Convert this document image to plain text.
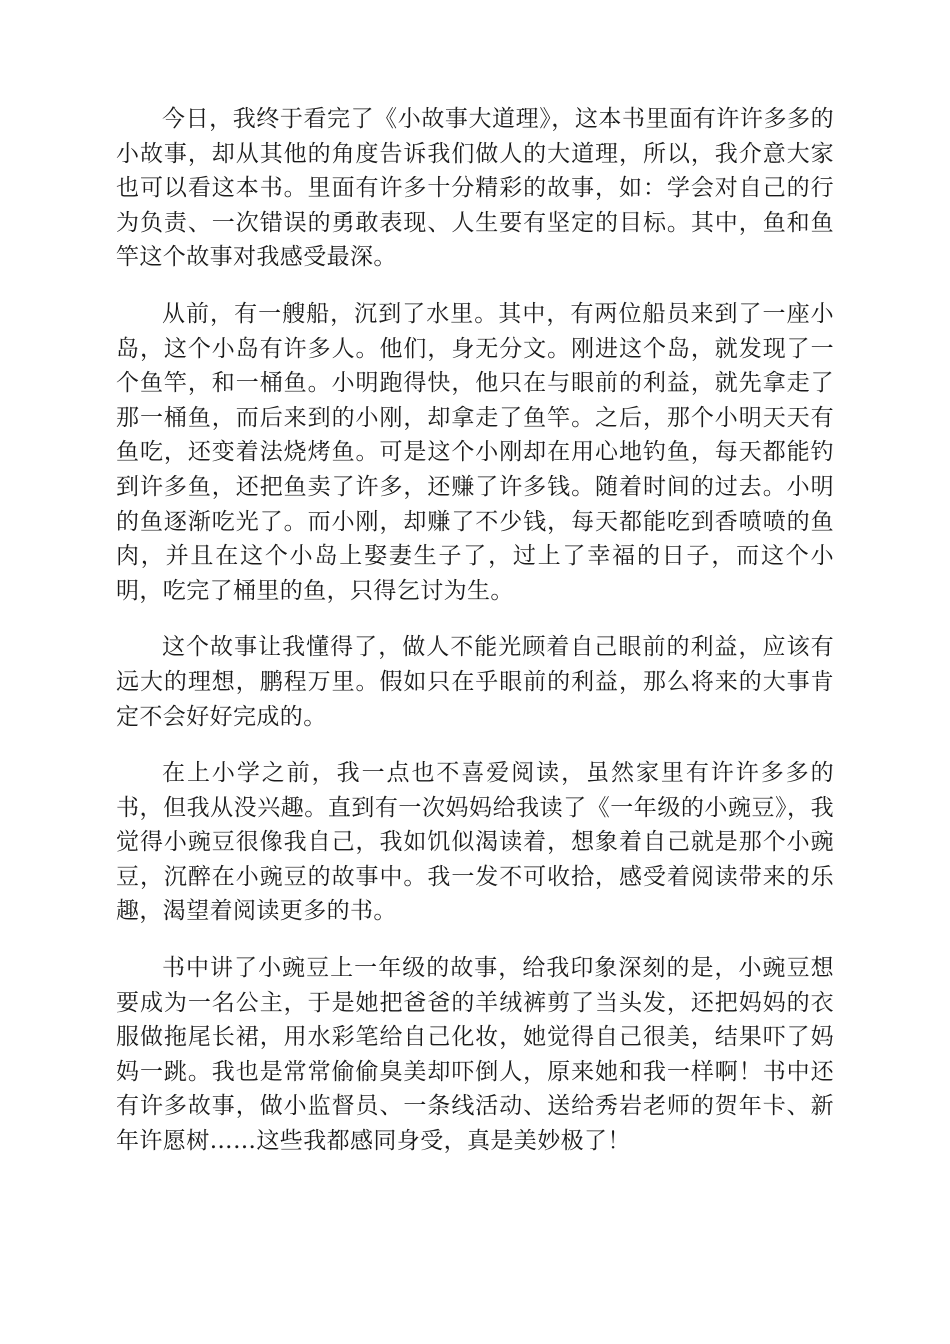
今日，我终于看完了《小故事大道理》，这本书里面有许许多多的小故事，却从其他的角度告诉我们做人的大道理，所以，我介意大家也可以看这本书。里面有许多十分精彩的故事，如：学会对自己的行为负责、一次错误的勇敢表现、人生要有坚定的目标。其中，鱼和鱼竿这个故事对我感受最深。

从前，有一艘船，沉到了水里。其中，有两位船员来到了一座小岛，这个小岛有许多人。他们，身无分文。刚进这个岛，就发现了一个鱼竿，和一桶鱼。小明跑得快，他只在与眼前的利益，就先拿走了那一桶鱼，而后来到的小刚，却拿走了鱼竿。之后，那个小明天天有鱼吃，还变着法烧烤鱼。可是这个小刚却在用心地钓鱼，每天都能钓到许多鱼，还把鱼卖了许多，还赚了许多钱。随着时间的过去。小明的鱼逐渐吃光了。而小刚，却赚了不少钱，每天都能吃到香喷喷的鱼肉，并且在这个小岛上娶妻生子了，过上了幸福的日子，而这个小明，吃完了桶里的鱼，只得乞讨为生。

这个故事让我懂得了，做人不能光顾着自己眼前的利益，应该有远大的理想，鹏程万里。假如只在乎眼前的利益，那么将来的大事肯定不会好好完成的。

在上小学之前，我一点也不喜爱阅读，虽然家里有许许多多的书，但我从没兴趣。直到有一次妈妈给我读了《一年级的小豌豆》，我觉得小豌豆很像我自己，我如饥似渴读着，想象着自己就是那个小豌豆，沉醉在小豌豆的故事中。我一发不可收拾，感受着阅读带来的乐趣，渴望着阅读更多的书。

书中讲了小豌豆上一年级的故事，给我印象深刻的是，小豌豆想要成为一名公主，于是她把爸爸的羊绒裤剪了当头发，还把妈妈的衣服做拖尾长裙，用水彩笔给自己化妆，她觉得自己很美，结果吓了妈妈一跳。我也是常常偷偷臭美却吓倒人，原来她和我一样啊！书中还有许多故事，做小监督员、一条线活动、送给秀岩老师的贺年卡、新年许愿树……这些我都感同身受，真是美妙极了！
